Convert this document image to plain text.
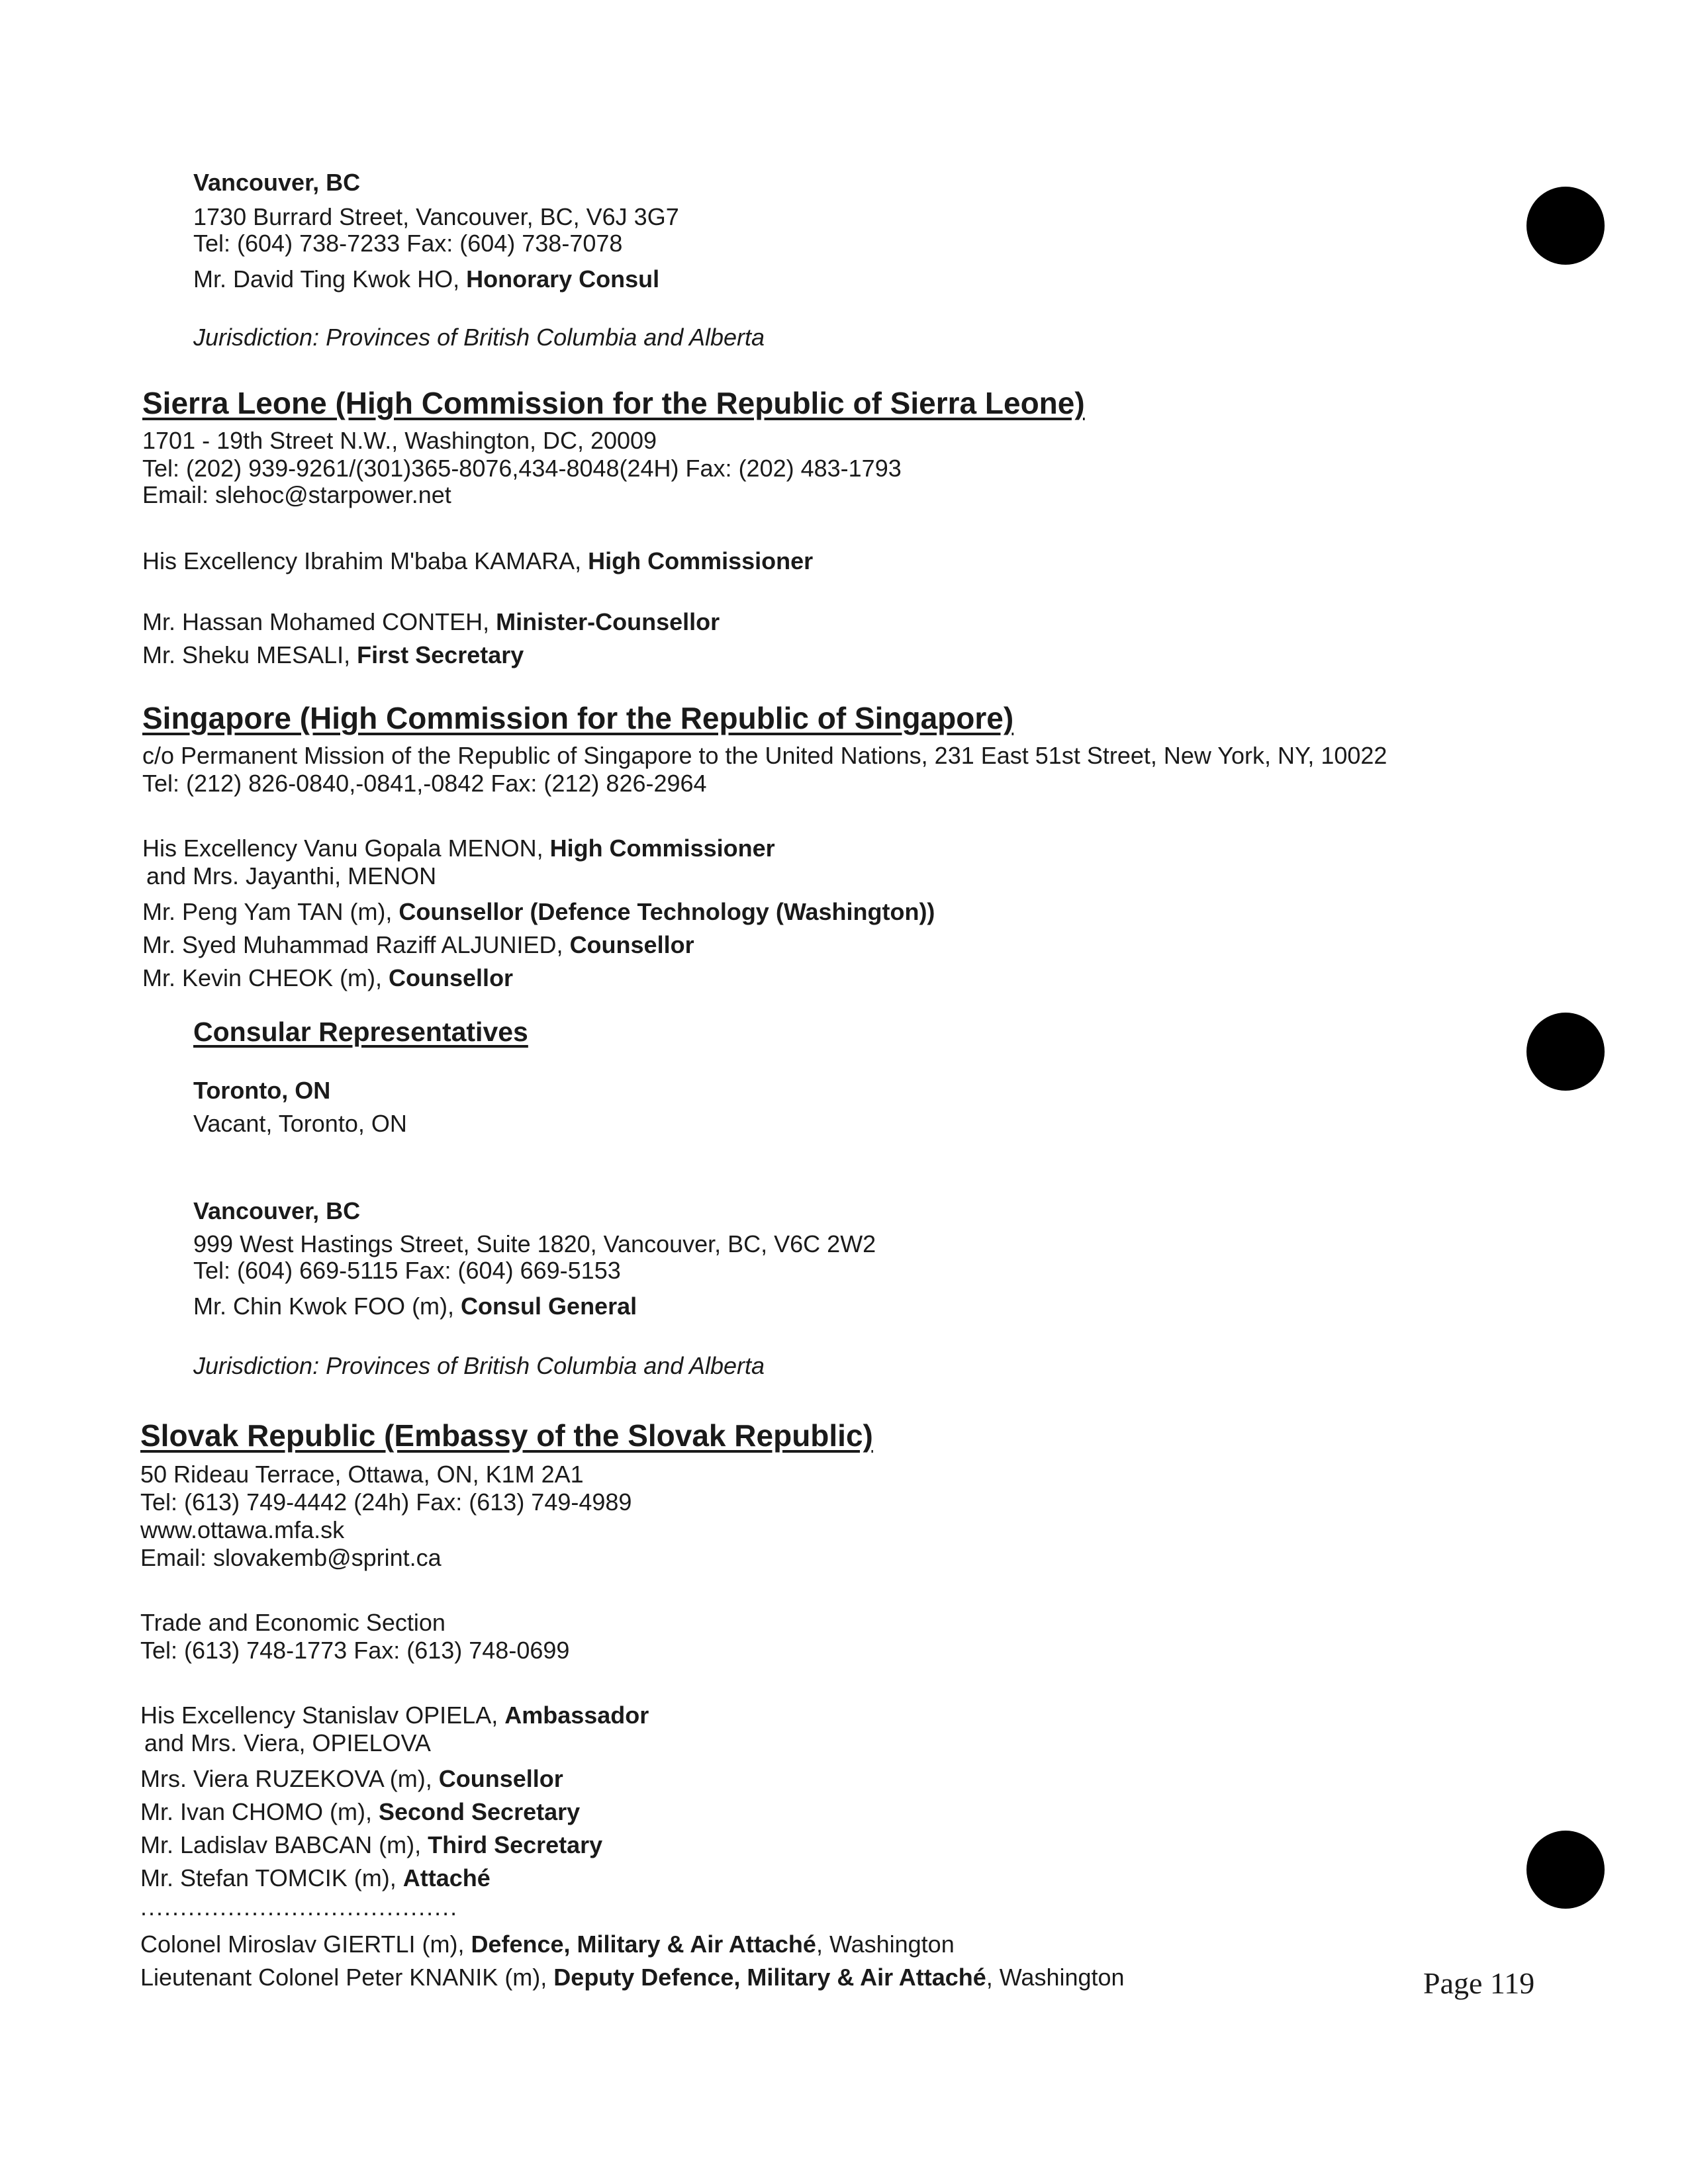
Vancouver, BC

1730 Burrard Street, Vancouver, BC, V6J 3G7

Tel: (604) 738-7233 Fax: (604) 738-7078

Mr. David Ting Kwok HO, Honorary Consul

Jurisdiction: Provinces of British Columbia and Alberta

Sierra Leone (High Commission for the Republic of Sierra Leone)

1701 - 19th Street N.W., Washington, DC, 20009

Tel: (202) 939-9261/(301)365-8076,434-8048(24H) Fax: (202) 483-1793

Email: slehoc@starpower.net

His Excellency Ibrahim M'baba KAMARA, High Commissioner

Mr. Hassan Mohamed CONTEH, Minister-Counsellor

Mr. Sheku MESALI, First Secretary

Singapore (High Commission for the Republic of Singapore)

c/o Permanent Mission of the Republic of Singapore to the United Nations, 231 East 51st Street, New York, NY, 10022

Tel: (212) 826-0840,-0841,-0842 Fax: (212) 826-2964

His Excellency Vanu Gopala MENON, High Commissioner

and Mrs. Jayanthi, MENON

Mr. Peng Yam TAN (m), Counsellor (Defence Technology (Washington))

Mr. Syed Muhammad Raziff ALJUNIED, Counsellor

Mr. Kevin CHEOK (m), Counsellor

Consular Representatives

Toronto, ON

Vacant, Toronto, ON

Vancouver, BC

999 West Hastings Street, Suite 1820, Vancouver, BC, V6C 2W2

Tel: (604) 669-5115 Fax: (604) 669-5153

Mr. Chin Kwok FOO (m), Consul General

Jurisdiction: Provinces of British Columbia and Alberta

Slovak Republic (Embassy of the Slovak Republic)

50 Rideau Terrace, Ottawa, ON, K1M 2A1

Tel: (613) 749-4442 (24h) Fax: (613) 749-4989

www.ottawa.mfa.sk

Email: slovakemb@sprint.ca

Trade and Economic Section

Tel: (613) 748-1773 Fax: (613) 748-0699

His Excellency Stanislav OPIELA, Ambassador

and Mrs. Viera, OPIELOVA

Mrs. Viera RUZEKOVA (m), Counsellor

Mr. Ivan CHOMO (m), Second Secretary

Mr. Ladislav BABCAN (m), Third Secretary

Mr. Stefan TOMCIK (m), Attaché

........................................

Colonel Miroslav GIERTLI (m), Defence, Military & Air Attaché, Washington

Lieutenant Colonel Peter KNANIK (m), Deputy Defence, Military & Air Attaché, Washington	Page 119
